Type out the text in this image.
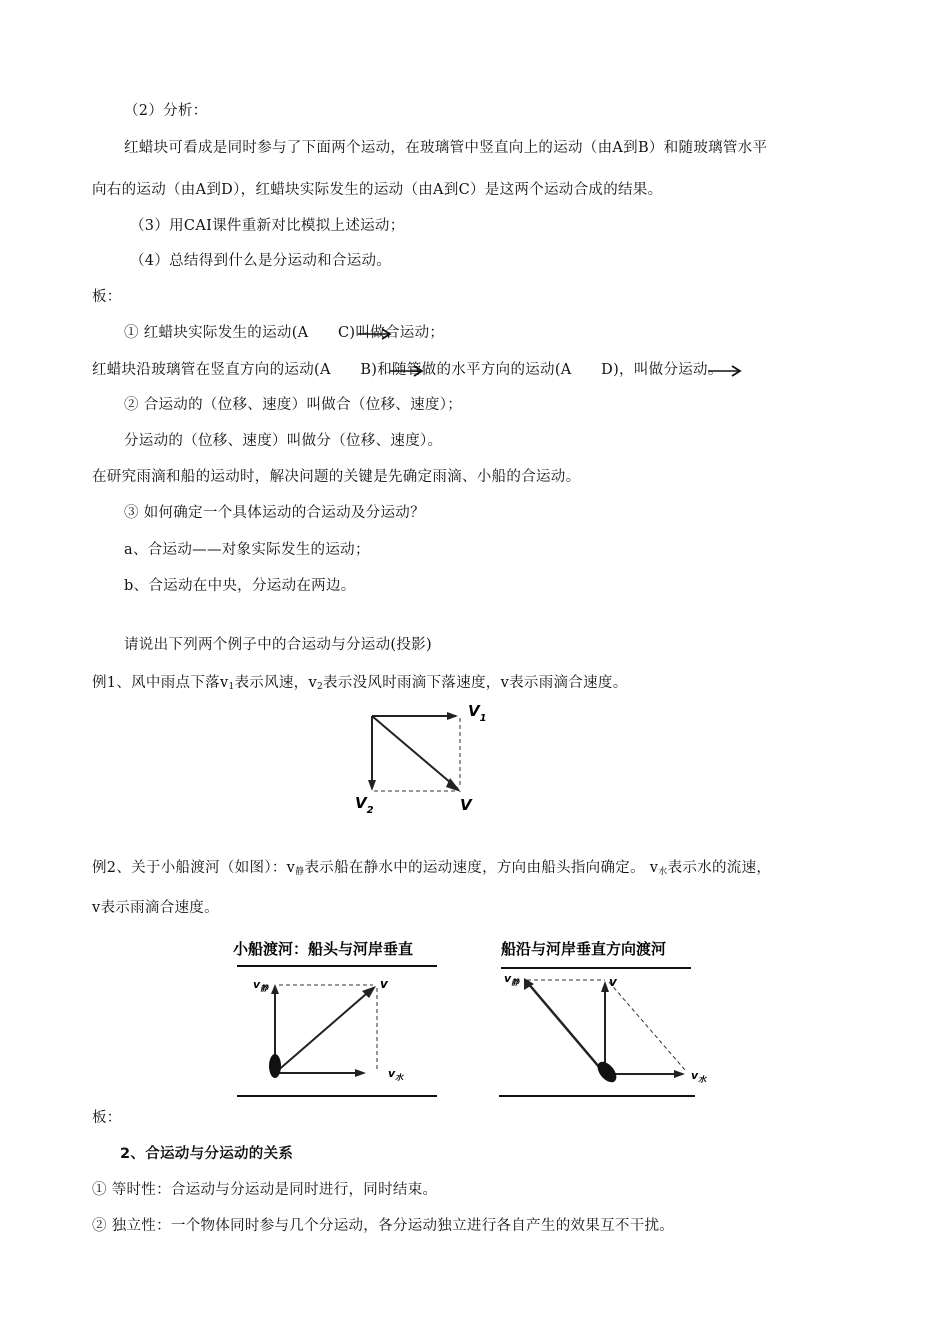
（2）分析：
红蜡块可看成是同时参与了下面两个运动，在玻璃管中竖直向上的运动（由A到B）和随玻璃管水平
向右的运动（由A到D），红蜡块实际发生的运动（由A到C）是这两个运动合成的结果。
（3）用CAI课件重新对比模拟上述运动；
（4）总结得到什么是分运动和合运动。
板：
① 红蜡块实际发生的运动(A　　C)叫做合运动；
红蜡块沿玻璃管在竖直方向的运动(A　　B)和随管做的水平方向的运动(A　　D)，叫做分运动。
② 合运动的（位移、速度）叫做合（位移、速度）；
分运动的（位移、速度）叫做分（位移、速度）。
在研究雨滴和船的运动时，解决问题的关键是先确定雨滴、小船的合运动。
③ 如何确定一个具体运动的合运动及分运动？
a、合运动——对象实际发生的运动；
b、合运动在中央，分运动在两边。
请说出下列两个例子中的合运动与分运动(投影)
例1、风中雨点下落$v_1$表示风速，$v_2$表示没风时雨滴下落速度，v表示雨滴合速度。
$V_1$
$V_2$	V
例2、关于小船渡河（如图）：$v_静$表示船在静水中的运动速度，方向由船头指向确定。 $v_水$表示水的流速，
v表示雨滴合速度。
小船渡河：船头与河岸垂直
$v_静$	v
$v_水$
船沿与河岸垂直方向渡河
$v_静$	v
$v_水$
板：
2、合运动与分运动的关系
① 等时性：合运动与分运动是同时进行，同时结束。
② 独立性：一个物体同时参与几个分运动，各分运动独立进行各自产生的效果互不干扰。
